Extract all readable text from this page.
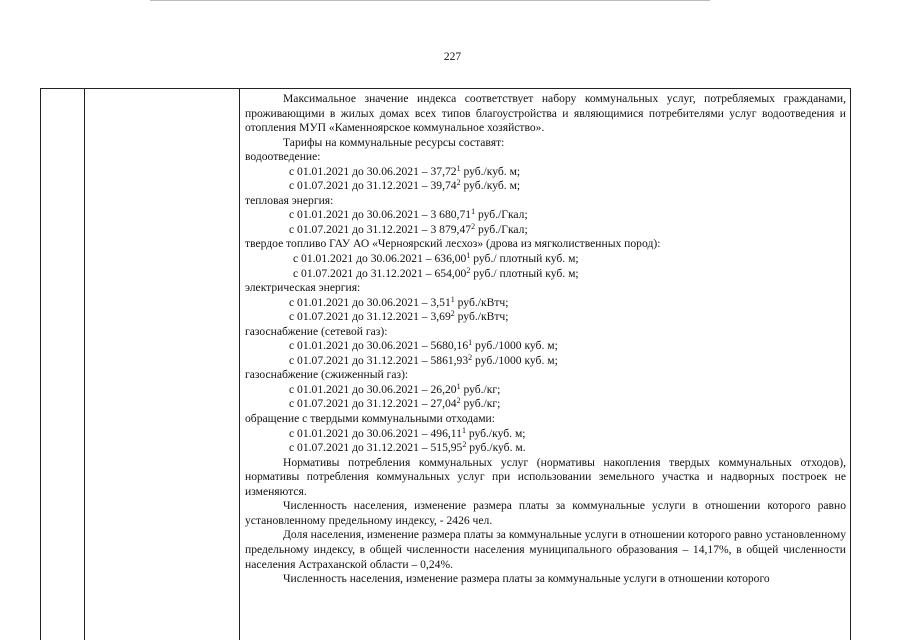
227

Максимальное значение индекса соответствует набору коммунальных услуг, потребляемых гражданами, проживающими в жилых домах всех типов благоустройства и являющимися потребителями услуг водоотведения и отопления МУП «Каменноярское коммунальное хозяйство».

Тарифы на коммунальные ресурсы составят:

водоотведение:

с 01.01.2021 до 30.06.2021 – 37,72$^1$ руб./куб. м;

с 01.07.2021 до 31.12.2021 – 39,74$^2$ руб./куб. м;

тепловая энергия:

с 01.01.2021 до 30.06.2021 – 3 680,71$^1$ руб./Гкал;

с 01.07.2021 до 31.12.2021 – 3 879,47$^2$ руб./Гкал;

твердое топливо ГАУ АО «Черноярский лесхоз» (дрова из мягколиственных пород):

с 01.01.2021 до 30.06.2021 – 636,00$^1$ руб./ плотный куб. м;

с 01.07.2021 до 31.12.2021 – 654,00$^2$ руб./ плотный куб. м;

электрическая энергия:

с 01.01.2021 до 30.06.2021 – 3,51$^1$ руб./кВтч;

с 01.07.2021 до 31.12.2021 – 3,69$^2$ руб./кВтч;

газоснабжение (сетевой газ):

с 01.01.2021 до 30.06.2021 – 5680,16$^1$ руб./1000 куб. м;

с 01.07.2021 до 31.12.2021 – 5861,93$^2$ руб./1000 куб. м;

газоснабжение (сжиженный газ):

с 01.01.2021 до 30.06.2021 – 26,20$^1$ руб./кг;

с 01.07.2021 до 31.12.2021 – 27,04$^2$ руб./кг;

обращение с твердыми коммунальными отходами:

с 01.01.2021 до 30.06.2021 – 496,11$^1$ руб./куб. м;

с 01.07.2021 до 31.12.2021 – 515,95$^2$ руб./куб. м.

Нормативы потребления коммунальных услуг (нормативы накопления твердых коммунальных отходов), нормативы потребления коммунальных услуг при использовании земельного участка и надворных построек не изменяются.

Численность населения, изменение размера платы за коммунальные услуги в отношении которого равно установленному предельному индексу, - 2426 чел.

Доля населения, изменение размера платы за коммунальные услуги в отношении которого равно установленному предельному индексу, в общей численности населения муниципального образования – 14,17%, в общей численности населения Астраханской области – 0,24%.

Численность населения, изменение размера платы за коммунальные услуги в отношении которого
